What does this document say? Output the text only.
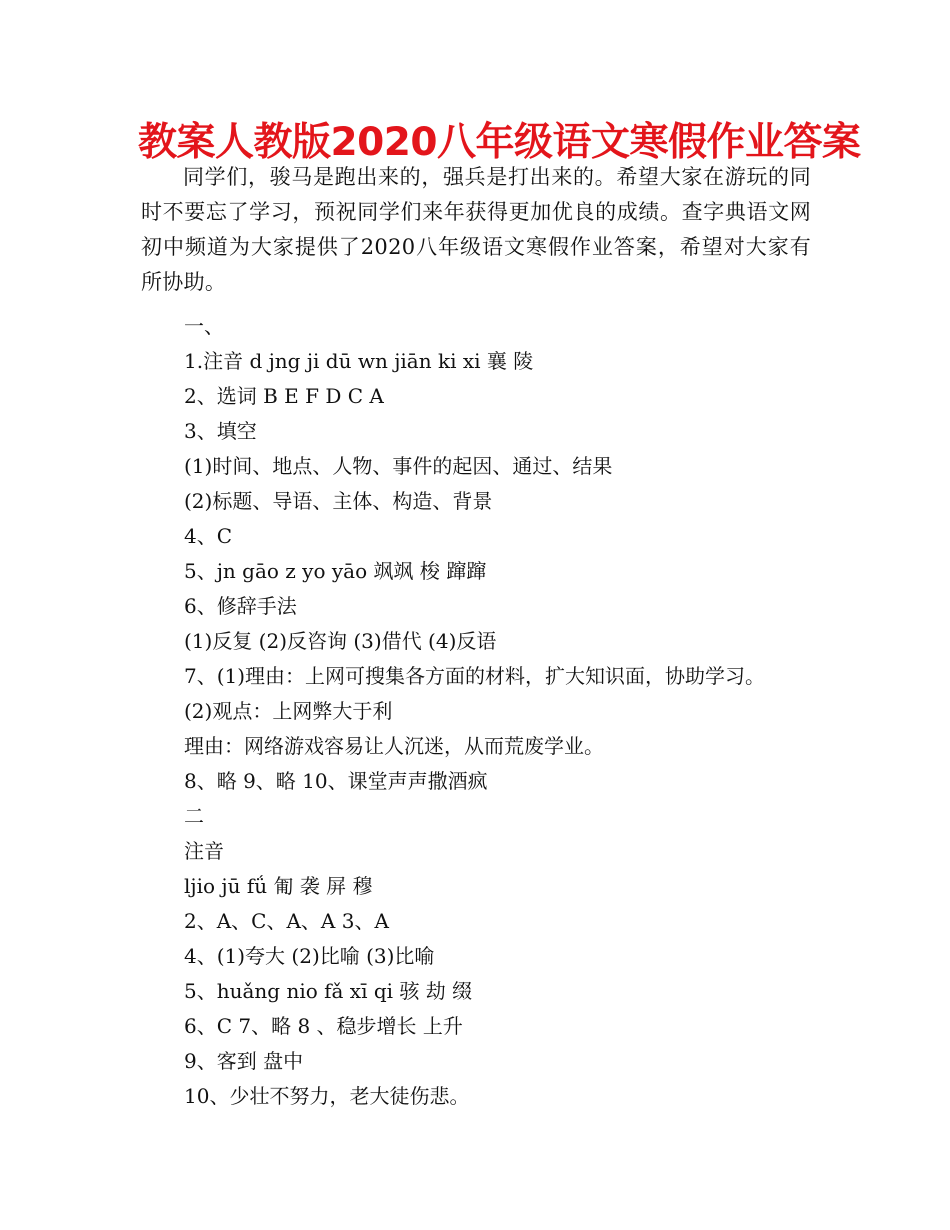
教案人教版2020八年级语文寒假作业答案
同学们，骏马是跑出来的，强兵是打出来的。希望大家在游玩的同时不要忘了学习，预祝同学们来年获得更加优良的成绩。查字典语文网初中频道为大家提供了2020八年级语文寒假作业答案，希望对大家有所协助。
一、
1.注音 d jng ji dū wn jiān ki xi 襄 陵
2、选词 B E F D C A
3、填空
(1)时间、地点、人物、事件的起因、通过、结果
(2)标题、导语、主体、构造、背景
4、C
5、jn gāo z yo yāo 飒飒 梭 蹿蹿
6、修辞手法
(1)反复 (2)反咨询 (3)借代 (4)反语
7、(1)理由：上网可搜集各方面的材料，扩大知识面，协助学习。
(2)观点：上网弊大于利
理由：网络游戏容易让人沉迷，从而荒废学业。
8、略 9、略 10、课堂声声撒酒疯
二
注音
ljio jū fǘ 匍 袭 屏 穆
2、A、C、A、A 3、A
4、(1)夸大 (2)比喻 (3)比喻
5、huǎng nio fǎ xī qi 骇 劫 缀
6、C 7、略 8 、稳步增长 上升
9、客到 盘中
10、少壮不努力，老大徒伤悲。
